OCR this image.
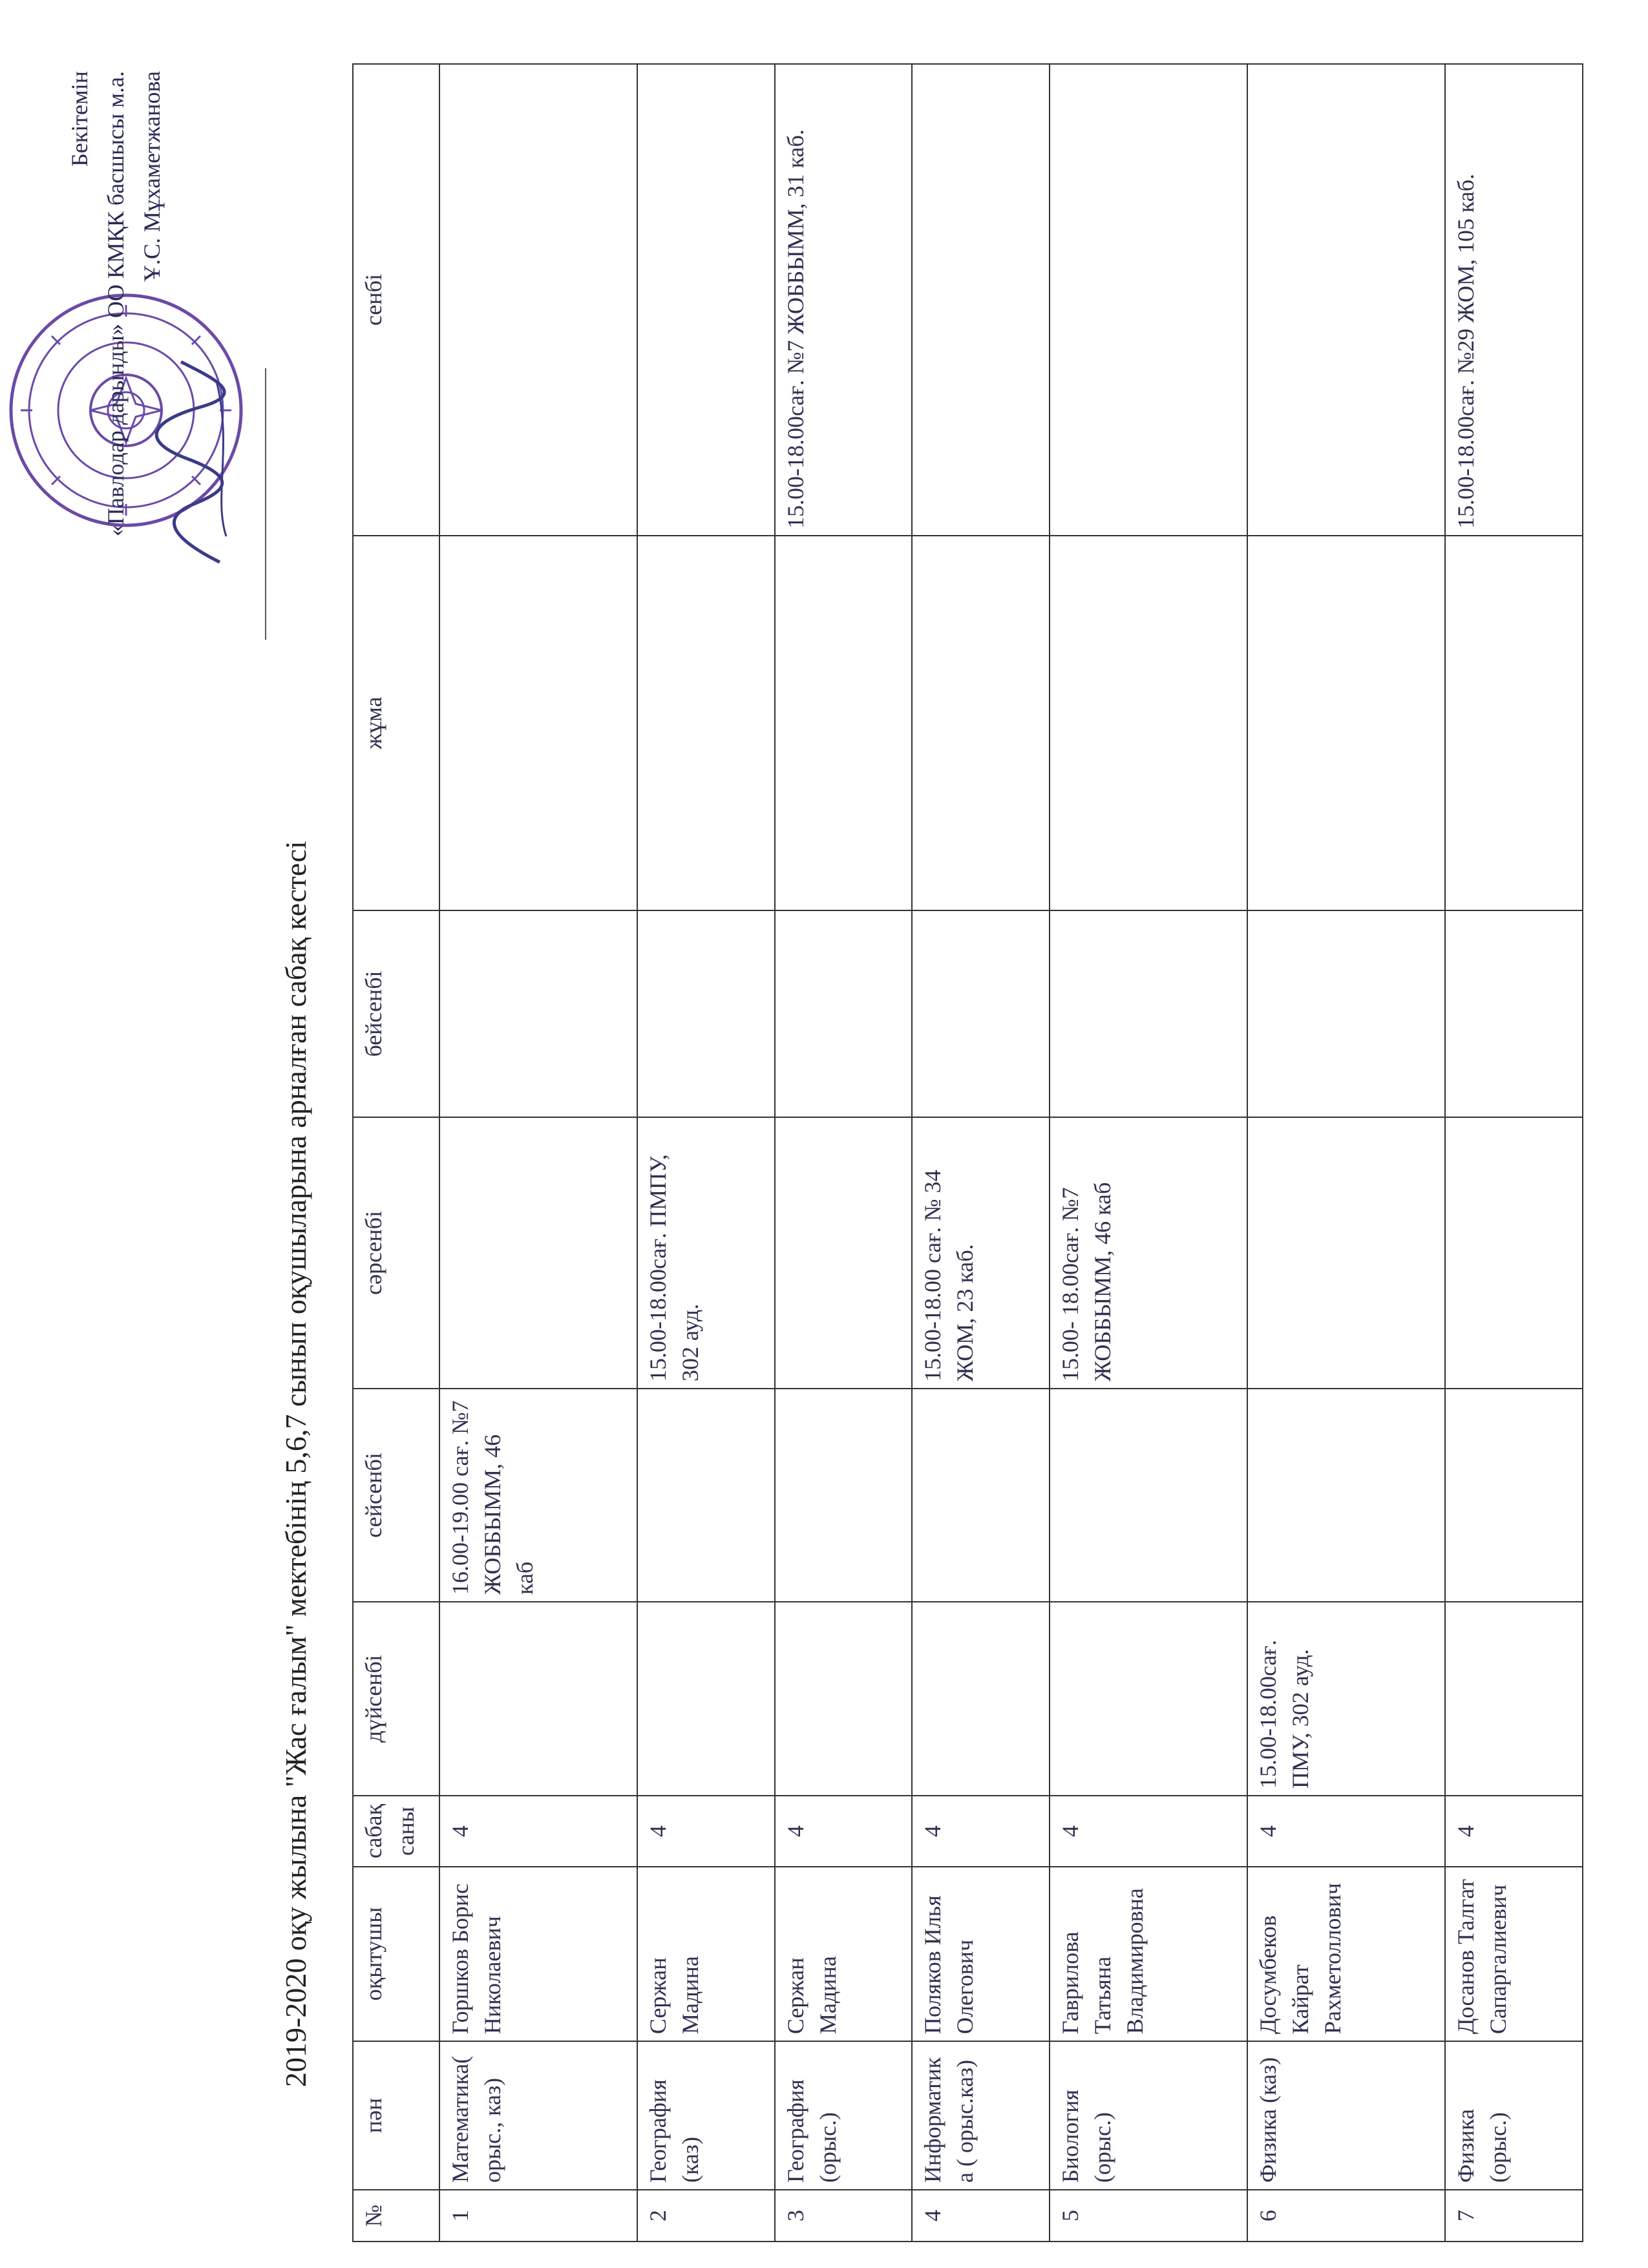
Бекітемін «Павлодар дарынды» ОО КМҚК басшысы м.а. Ұ.С. Мұхаметжанова
2019-2020 оқу жылына "Жас ғалым" мектебінің 5,6,7 сынып оқушыларына арналған сабақ кестесі
№	пән	оқытушы	сабақ саны	дүйсенбі	сейсенбі	сәрсенбі	бейсенбі	жұма	сенбі
1	Математика(орыс., каз)	Горшков Борис Николаевич	4		16.00-19.00 сағ. №7 ЖОББЫММ, 46 каб				
2	География (каз)	Сержан Мадина	4			15.00-18.00сағ. ПМПУ, 302 ауд.			
3	География (орыс.)	Сержан Мадина	4						15.00-18.00сағ. №7 ЖОББЫММ, 31 каб.
4	Информатика ( орыс.каз)	Поляков Илья Олегович	4			15.00-18.00 сағ. № 34 ЖОМ, 23 каб.			
5	Биология (орыс.)	Гаврилова Татьяна Владимировна	4			15.00- 18.00сағ. №7 ЖОББЫММ, 46 каб			
6	Физика (каз)	Досумбеков Кайрат Рахметоллович	4	15.00-18.00сағ. ПМУ, 302 ауд.					
7	Физика (орыс.)	Досанов Талгат Сапаргалиевич	4						15.00-18.00сағ. №29 ЖОМ, 105 каб.
